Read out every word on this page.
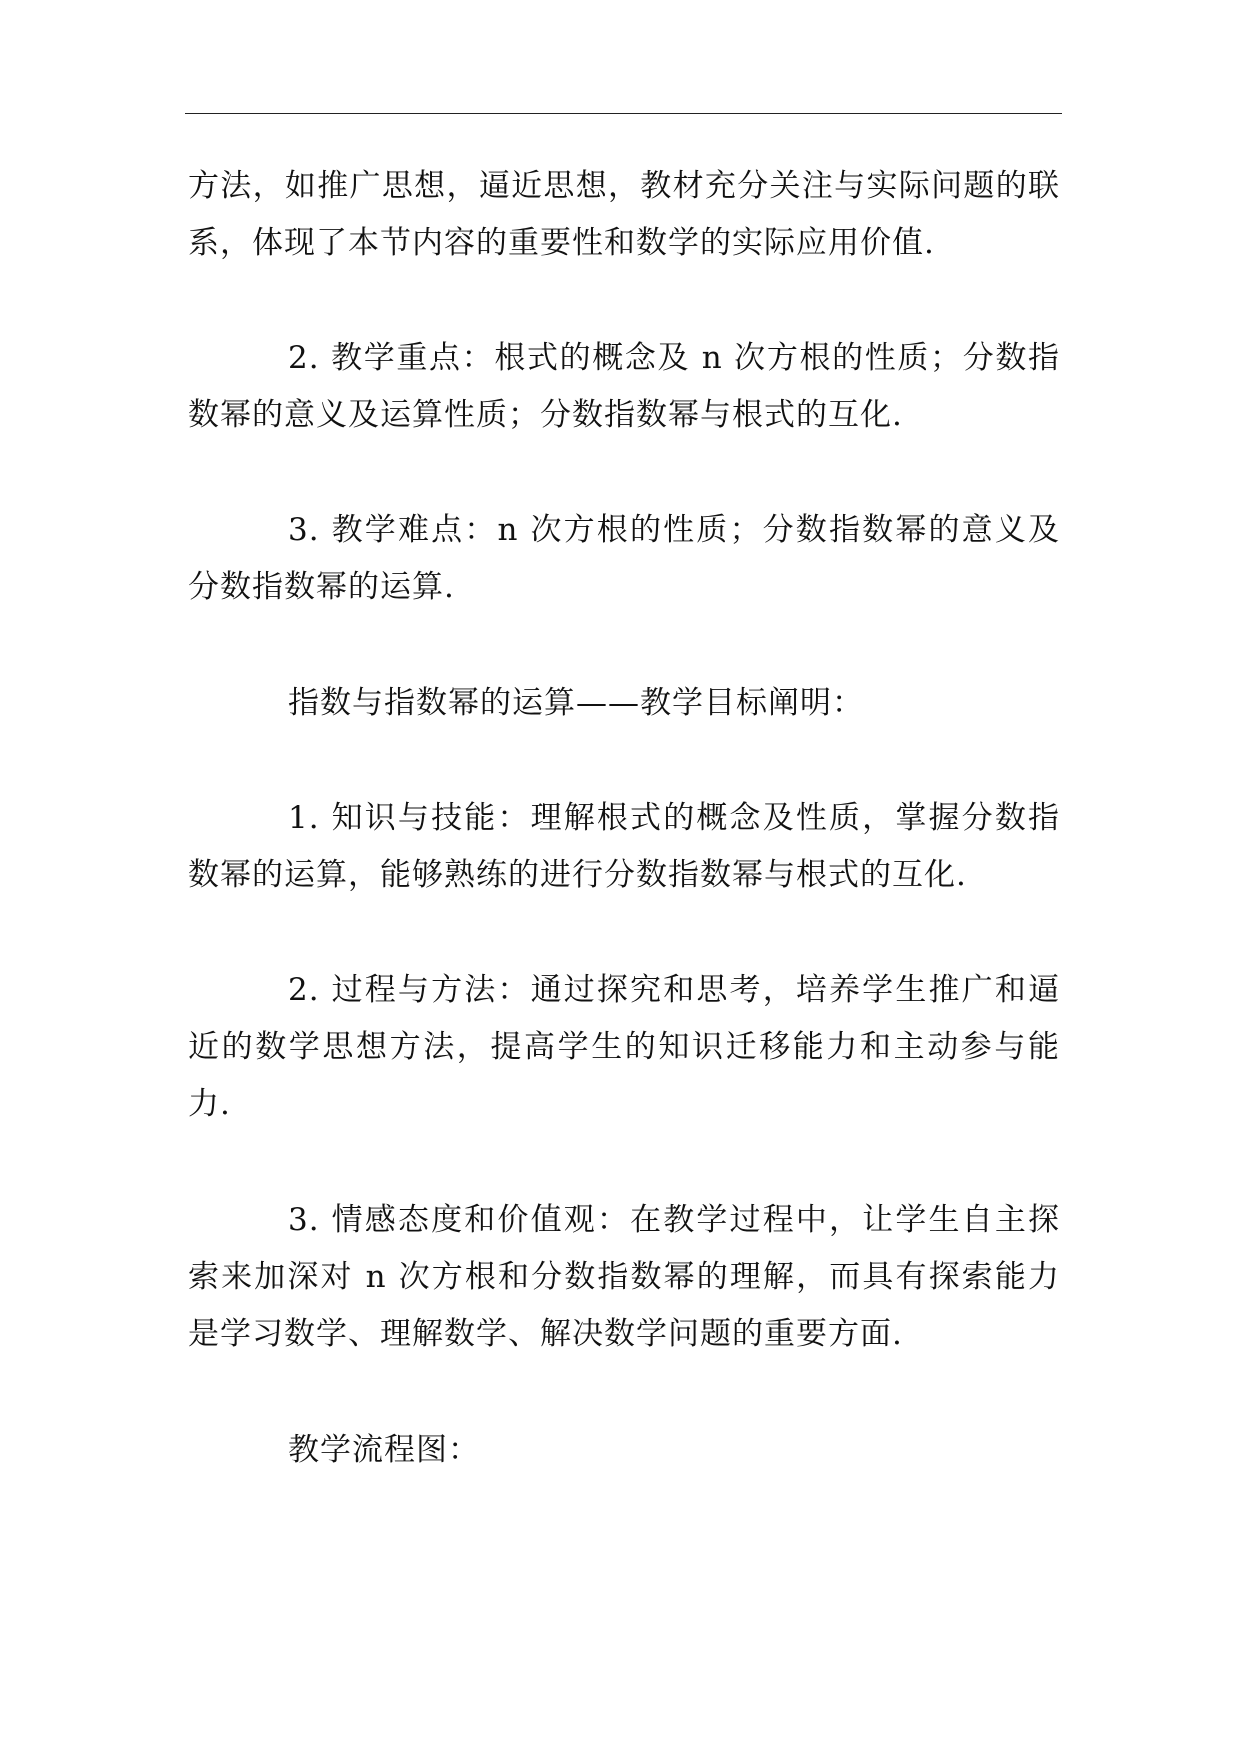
方法，如推广思想，逼近思想，教材充分关注与实际问题的联系，体现了本节内容的重要性和数学的实际应用价值.

2. 教学重点：根式的概念及 n 次方根的性质；分数指数幂的意义及运算性质；分数指数幂与根式的互化.

3. 教学难点：n 次方根的性质；分数指数幂的意义及分数指数幂的运算.

指数与指数幂的运算——教学目标阐明：

1. 知识与技能：理解根式的概念及性质，掌握分数指数幂的运算，能够熟练的进行分数指数幂与根式的互化.

2. 过程与方法：通过探究和思考，培养学生推广和逼近的数学思想方法，提高学生的知识迁移能力和主动参与能力.

3. 情感态度和价值观：在教学过程中，让学生自主探索来加深对 n 次方根和分数指数幂的理解，而具有探索能力是学习数学、理解数学、解决数学问题的重要方面.

教学流程图：
